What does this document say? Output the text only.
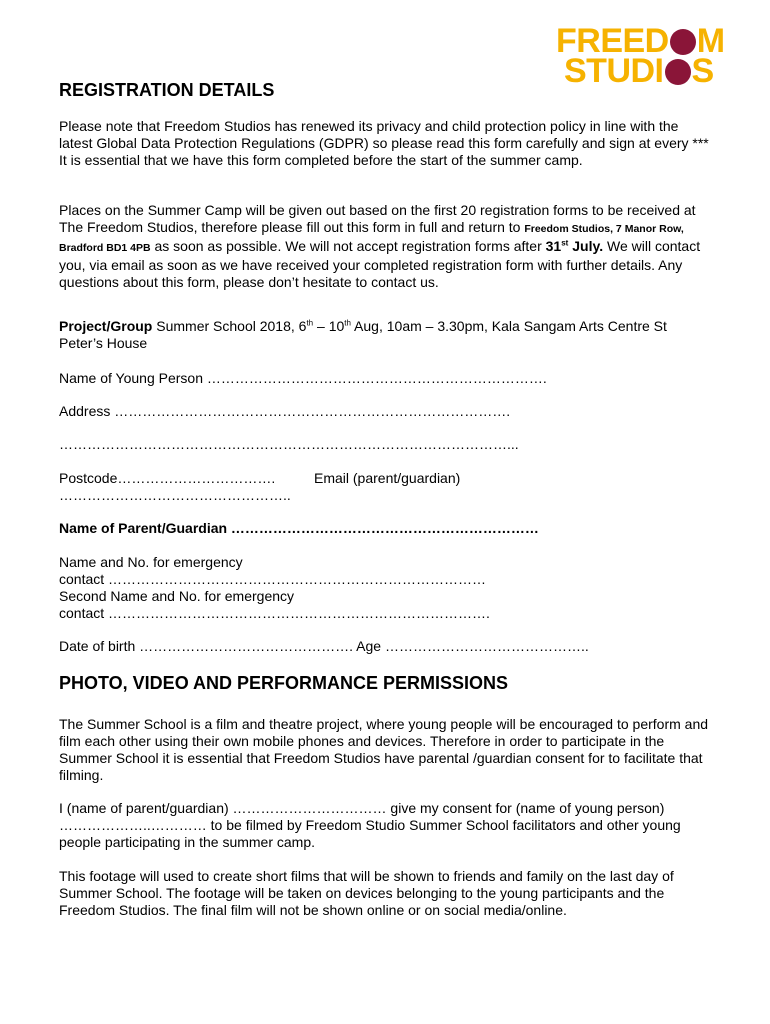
FREED M
STUDI S
REGISTRATION DETAILS
Please note that Freedom Studios has renewed its privacy and child protection policy in line with the latest Global Data Protection Regulations (GDPR) so please read this form carefully and sign at every *** It is essential that we have this form completed before the start of the summer camp.
Places on the Summer Camp will be given out based on the first 20 registration forms to be received at The Freedom Studios, therefore please fill out this form in full and return to Freedom Studios, 7 Manor Row, Bradford BD1 4PB as soon as possible. We will not accept registration forms after 31st July. We will contact you, via email as soon as we have received your completed registration form with further details. Any questions about this form, please don’t hesitate to contact us.
Project/Group Summer School 2018, 6th – 10th Aug, 10am – 3.30pm, Kala Sangam Arts Centre St Peter’s House
Name of Young Person ……………………………………………………………….
Address ………………………………………………………………………….
……………………………………………………………………………………...
Postcode…………………………….	Email (parent/guardian)
…………………………………………..
Name of Parent/Guardian …………………………………………………………
Name and No. for emergency
contact ………………………………………………………………………
Second Name and No. for emergency
contact ……………………………………………………………………….
Date of birth ………………………………………. Age ……………………………………..
PHOTO, VIDEO AND PERFORMANCE PERMISSIONS
The Summer School is a film and theatre project, where young people will be encouraged to perform and film each other using their own mobile phones and devices. Therefore in order to participate in the Summer School it is essential that Freedom Studios have parental /guardian consent for to facilitate that filming.
I (name of parent/guardian) …………………………… give my consent for (name of young person) ………………..………… to be filmed by Freedom Studio Summer School facilitators and other young people participating in the summer camp.
This footage will used to create short films that will be shown to friends and family on the last day of Summer School. The footage will be taken on devices belonging to the young participants and the Freedom Studios. The final film will not be shown online or on social media/online.
